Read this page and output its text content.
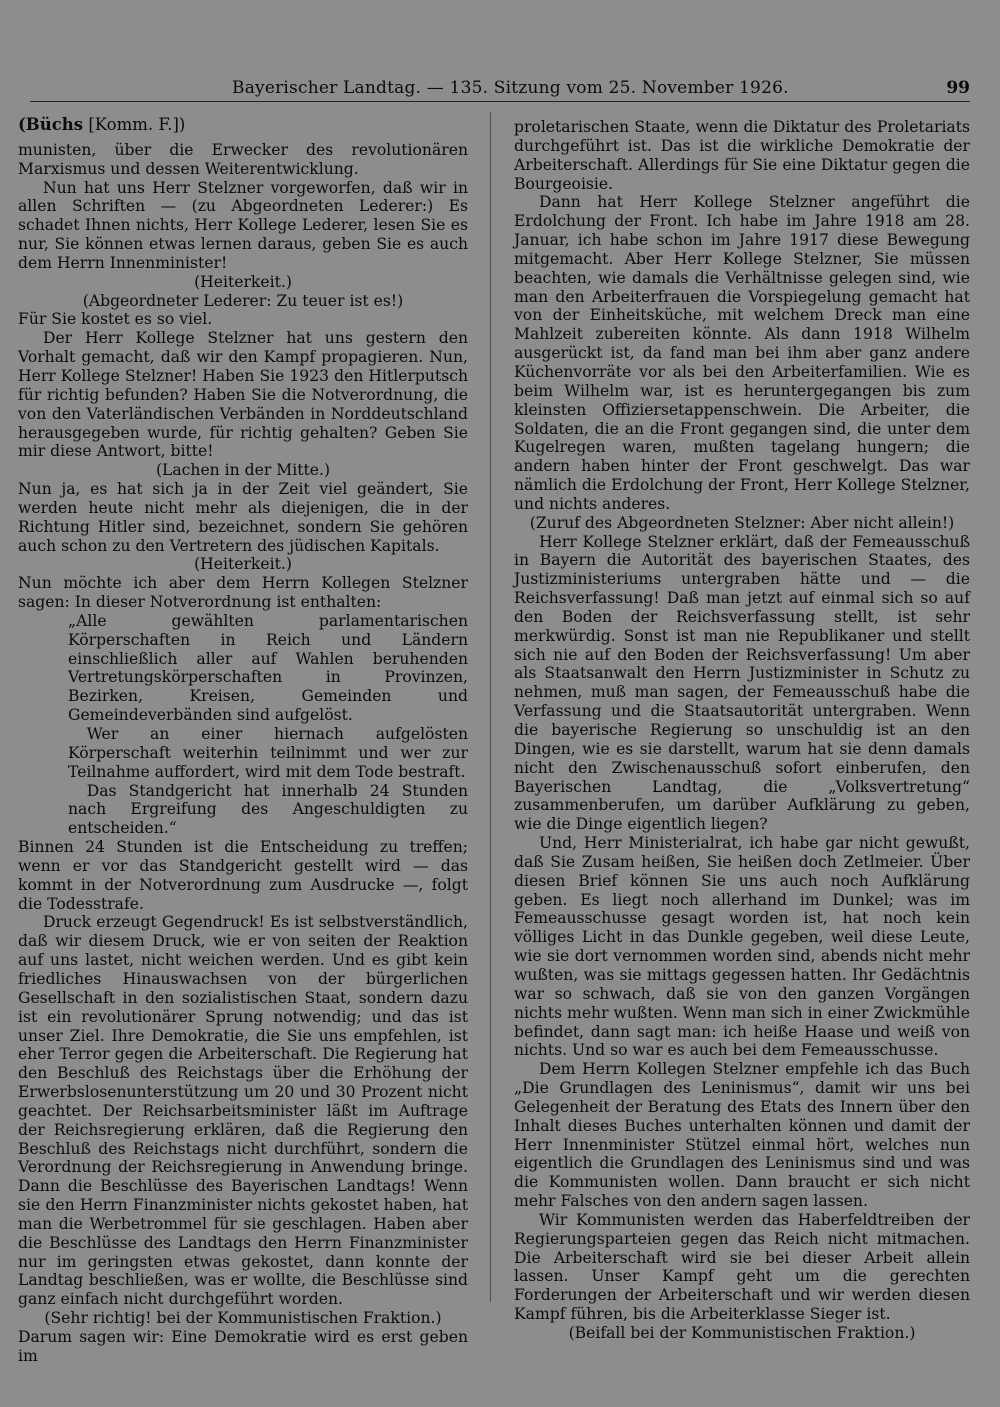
Bayerischer Landtag. — 135. Sitzung vom 25. November 1926.	99

(Büchs [Komm. F.])

munisten, über die Erwecker des revolutionären Marxismus und dessen Weiterentwicklung.

Nun hat uns Herr Stelzner vorgeworfen, daß wir in allen Schriften — (zu Abgeordneten Lederer:) Es schadet Ihnen nichts, Herr Kollege Lederer, lesen Sie es nur, Sie können etwas lernen daraus, geben Sie es auch dem Herrn Innenminister!

(Heiterkeit.)

(Abgeordneter Lederer: Zu teuer ist es!)

Für Sie kostet es so viel.

Der Herr Kollege Stelzner hat uns gestern den Vorhalt gemacht, daß wir den Kampf propagieren. Nun, Herr Kollege Stelzner! Haben Sie 1923 den Hitlerputsch für richtig befunden? Haben Sie die Notverordnung, die von den Vaterländischen Verbänden in Norddeutschland herausgegeben wurde, für richtig gehalten? Geben Sie mir diese Antwort, bitte!

(Lachen in der Mitte.)

Nun ja, es hat sich ja in der Zeit viel geändert, Sie werden heute nicht mehr als diejenigen, die in der Richtung Hitler sind, bezeichnet, sondern Sie gehören auch schon zu den Vertretern des jüdischen Kapitals.

(Heiterkeit.)

Nun möchte ich aber dem Herrn Kollegen Stelzner sagen: In dieser Notverordnung ist enthalten:

„Alle gewählten parlamentarischen Körperschaften in Reich und Ländern einschließlich aller auf Wahlen beruhenden Vertretungskörperschaften in Provinzen, Bezirken, Kreisen, Gemeinden und Gemeindeverbänden sind aufgelöst.

Wer an einer hiernach aufgelösten Körperschaft weiterhin teilnimmt und wer zur Teilnahme auffordert, wird mit dem Tode bestraft.

Das Standgericht hat innerhalb 24 Stunden nach Ergreifung des Angeschuldigten zu entscheiden.“

Binnen 24 Stunden ist die Entscheidung zu treffen; wenn er vor das Standgericht gestellt wird — das kommt in der Notverordnung zum Ausdrucke —, folgt die Todesstrafe.

Druck erzeugt Gegendruck! Es ist selbstverständlich, daß wir diesem Druck, wie er von seiten der Reaktion auf uns lastet, nicht weichen werden. Und es gibt kein friedliches Hinauswachsen von der bürgerlichen Gesellschaft in den sozialistischen Staat, sondern dazu ist ein revolutionärer Sprung notwendig; und das ist unser Ziel. Ihre Demokratie, die Sie uns empfehlen, ist eher Terror gegen die Arbeiterschaft. Die Regierung hat den Beschluß des Reichstags über die Erhöhung der Erwerbslosenunterstützung um 20 und 30 Prozent nicht geachtet. Der Reichsarbeitsminister läßt im Auftrage der Reichsregierung erklären, daß die Regierung den Beschluß des Reichstags nicht durchführt, sondern die Verordnung der Reichsregierung in Anwendung bringe. Dann die Beschlüsse des Bayerischen Landtags! Wenn sie den Herrn Finanzminister nichts gekostet haben, hat man die Werbetrommel für sie geschlagen. Haben aber die Beschlüsse des Landtags den Herrn Finanzminister nur im geringsten etwas gekostet, dann konnte der Landtag beschließen, was er wollte, die Beschlüsse sind ganz einfach nicht durchgeführt worden.

(Sehr richtig! bei der Kommunistischen Fraktion.)

Darum sagen wir: Eine Demokratie wird es erst geben im

proletarischen Staate, wenn die Diktatur des Proletariats durchgeführt ist. Das ist die wirkliche Demokratie der Arbeiterschaft. Allerdings für Sie eine Diktatur gegen die Bourgeoisie.

Dann hat Herr Kollege Stelzner angeführt die Erdolchung der Front. Ich habe im Jahre 1918 am 28. Januar, ich habe schon im Jahre 1917 diese Bewegung mitgemacht. Aber Herr Kollege Stelzner, Sie müssen beachten, wie damals die Verhältnisse gelegen sind, wie man den Arbeiterfrauen die Vorspiegelung gemacht hat von der Einheitsküche, mit welchem Dreck man eine Mahlzeit zubereiten könnte. Als dann 1918 Wilhelm ausgerückt ist, da fand man bei ihm aber ganz andere Küchenvorräte vor als bei den Arbeiterfamilien. Wie es beim Wilhelm war, ist es heruntergegangen bis zum kleinsten Offiziersetappenschwein. Die Arbeiter, die Soldaten, die an die Front gegangen sind, die unter dem Kugelregen waren, mußten tagelang hungern; die andern haben hinter der Front geschwelgt. Das war nämlich die Erdolchung der Front, Herr Kollege Stelzner, und nichts anderes.

(Zuruf des Abgeordneten Stelzner: Aber nicht allein!)

Herr Kollege Stelzner erklärt, daß der Femeausschuß in Bayern die Autorität des bayerischen Staates, des Justizministeriums untergraben hätte und — die Reichsverfassung! Daß man jetzt auf einmal sich so auf den Boden der Reichsverfassung stellt, ist sehr merkwürdig. Sonst ist man nie Republikaner und stellt sich nie auf den Boden der Reichsverfassung! Um aber als Staatsanwalt den Herrn Justizminister in Schutz zu nehmen, muß man sagen, der Femeausschuß habe die Verfassung und die Staatsautorität untergraben. Wenn die bayerische Regierung so unschuldig ist an den Dingen, wie es sie darstellt, warum hat sie denn damals nicht den Zwischenausschuß sofort einberufen, den Bayerischen Landtag, die „Volksvertretung“ zusammenberufen, um darüber Aufklärung zu geben, wie die Dinge eigentlich liegen?

Und, Herr Ministerialrat, ich habe gar nicht gewußt, daß Sie Zusam heißen, Sie heißen doch Zetlmeier. Über diesen Brief können Sie uns auch noch Aufklärung geben. Es liegt noch allerhand im Dunkel; was im Femeausschusse gesagt worden ist, hat noch kein völliges Licht in das Dunkle gegeben, weil diese Leute, wie sie dort vernommen worden sind, abends nicht mehr wußten, was sie mittags gegessen hatten. Ihr Gedächtnis war so schwach, daß sie von den ganzen Vorgängen nichts mehr wußten. Wenn man sich in einer Zwickmühle befindet, dann sagt man: ich heiße Haase und weiß von nichts. Und so war es auch bei dem Femeausschusse.

Dem Herrn Kollegen Stelzner empfehle ich das Buch „Die Grundlagen des Leninismus“, damit wir uns bei Gelegenheit der Beratung des Etats des Innern über den Inhalt dieses Buches unterhalten können und damit der Herr Innenminister Stützel einmal hört, welches nun eigentlich die Grundlagen des Leninismus sind und was die Kommunisten wollen. Dann braucht er sich nicht mehr Falsches von den andern sagen lassen.

Wir Kommunisten werden das Haberfeldtreiben der Regierungsparteien gegen das Reich nicht mitmachen. Die Arbeiterschaft wird sie bei dieser Arbeit allein lassen. Unser Kampf geht um die gerechten Forderungen der Arbeiterschaft und wir werden diesen Kampf führen, bis die Arbeiterklasse Sieger ist.

(Beifall bei der Kommunistischen Fraktion.)
